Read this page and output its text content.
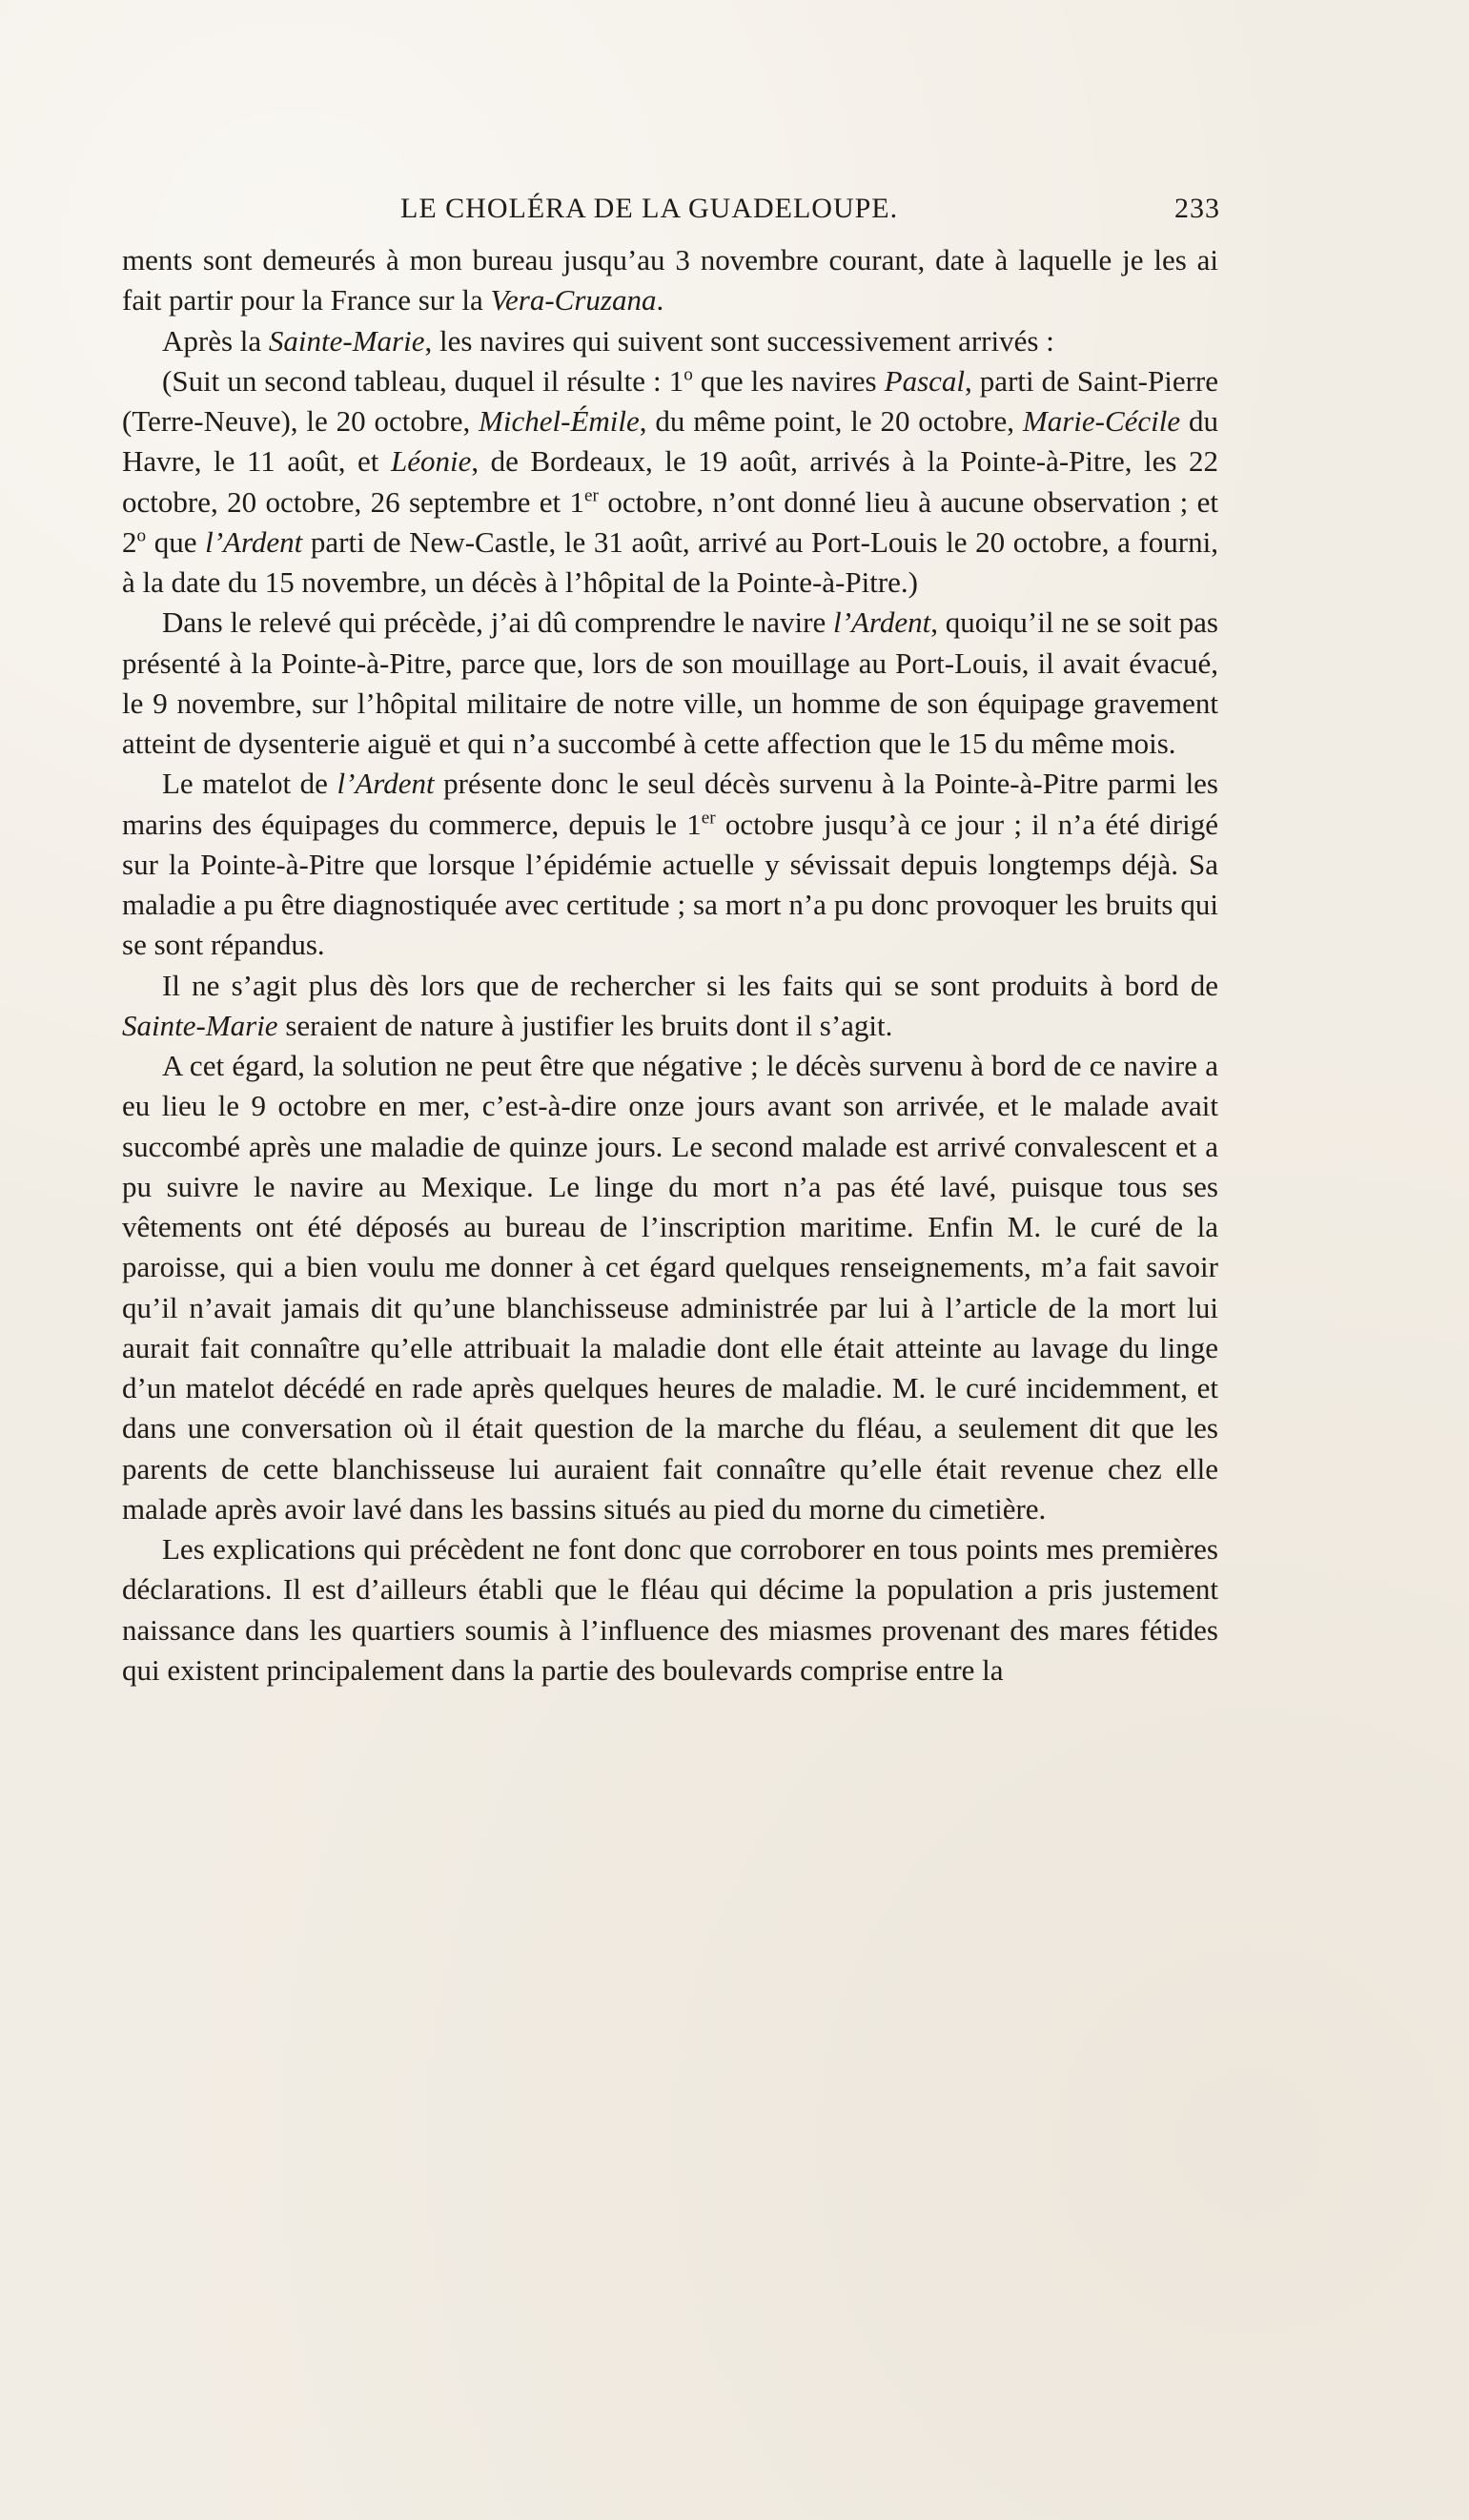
LE CHOLÉRA DE LA GUADELOUPE.	233

ments sont demeurés à mon bureau jusqu’au 3 novembre courant, date à laquelle je les ai fait partir pour la France sur la Vera-Cruzana.

Après la Sainte-Marie, les navires qui suivent sont successivement arrivés :

(Suit un second tableau, duquel il résulte : 1$^o$ que les navires Pascal, parti de Saint-Pierre (Terre-Neuve), le 20 octobre, Michel-Émile, du même point, le 20 octobre, Marie-Cécile du Havre, le 11 août, et Léonie, de Bordeaux, le 19 août, arrivés à la Pointe-à-Pitre, les 22 octobre, 20 octobre, 26 septembre et 1er octobre, n’ont donné lieu à aucune observation ; et 2$^o$ que l’Ardent parti de New-Castle, le 31 août, arrivé au Port-Louis le 20 octobre, a fourni, à la date du 15 novembre, un décès à l’hôpital de la Pointe-à-Pitre.)

Dans le relevé qui précède, j’ai dû comprendre le navire l’Ardent, quoiqu’il ne se soit pas présenté à la Pointe-à-Pitre, parce que, lors de son mouillage au Port-Louis, il avait évacué, le 9 novembre, sur l’hôpital militaire de notre ville, un homme de son équipage gravement atteint de dysenterie aiguë et qui n’a succombé à cette affection que le 15 du même mois.

Le matelot de l’Ardent présente donc le seul décès survenu à la Pointe-à-Pitre parmi les marins des équipages du commerce, depuis le 1er octobre jusqu’à ce jour ; il n’a été dirigé sur la Pointe-à-Pitre que lorsque l’épidémie actuelle y sévissait depuis longtemps déjà. Sa maladie a pu être diagnostiquée avec certitude ; sa mort n’a pu donc provoquer les bruits qui se sont répandus.

Il ne s’agit plus dès lors que de rechercher si les faits qui se sont produits à bord de Sainte-Marie seraient de nature à justifier les bruits dont il s’agit.

A cet égard, la solution ne peut être que négative ; le décès survenu à bord de ce navire a eu lieu le 9 octobre en mer, c’est-à-dire onze jours avant son arrivée, et le malade avait succombé après une maladie de quinze jours. Le second malade est arrivé convalescent et a pu suivre le navire au Mexique. Le linge du mort n’a pas été lavé, puisque tous ses vêtements ont été déposés au bureau de l’inscription maritime. Enfin M. le curé de la paroisse, qui a bien voulu me donner à cet égard quelques renseignements, m’a fait savoir qu’il n’avait jamais dit qu’une blanchisseuse administrée par lui à l’article de la mort lui aurait fait connaître qu’elle attribuait la maladie dont elle était atteinte au lavage du linge d’un matelot décédé en rade après quelques heures de maladie. M. le curé incidemment, et dans une conversation où il était question de la marche du fléau, a seulement dit que les parents de cette blanchisseuse lui auraient fait connaître qu’elle était revenue chez elle malade après avoir lavé dans les bassins situés au pied du morne du cimetière.

Les explications qui précèdent ne font donc que corroborer en tous points mes premières déclarations. Il est d’ailleurs établi que le fléau qui décime la population a pris justement naissance dans les quartiers soumis à l’influence des miasmes provenant des mares fétides qui existent principalement dans la partie des boulevards comprise entre la
